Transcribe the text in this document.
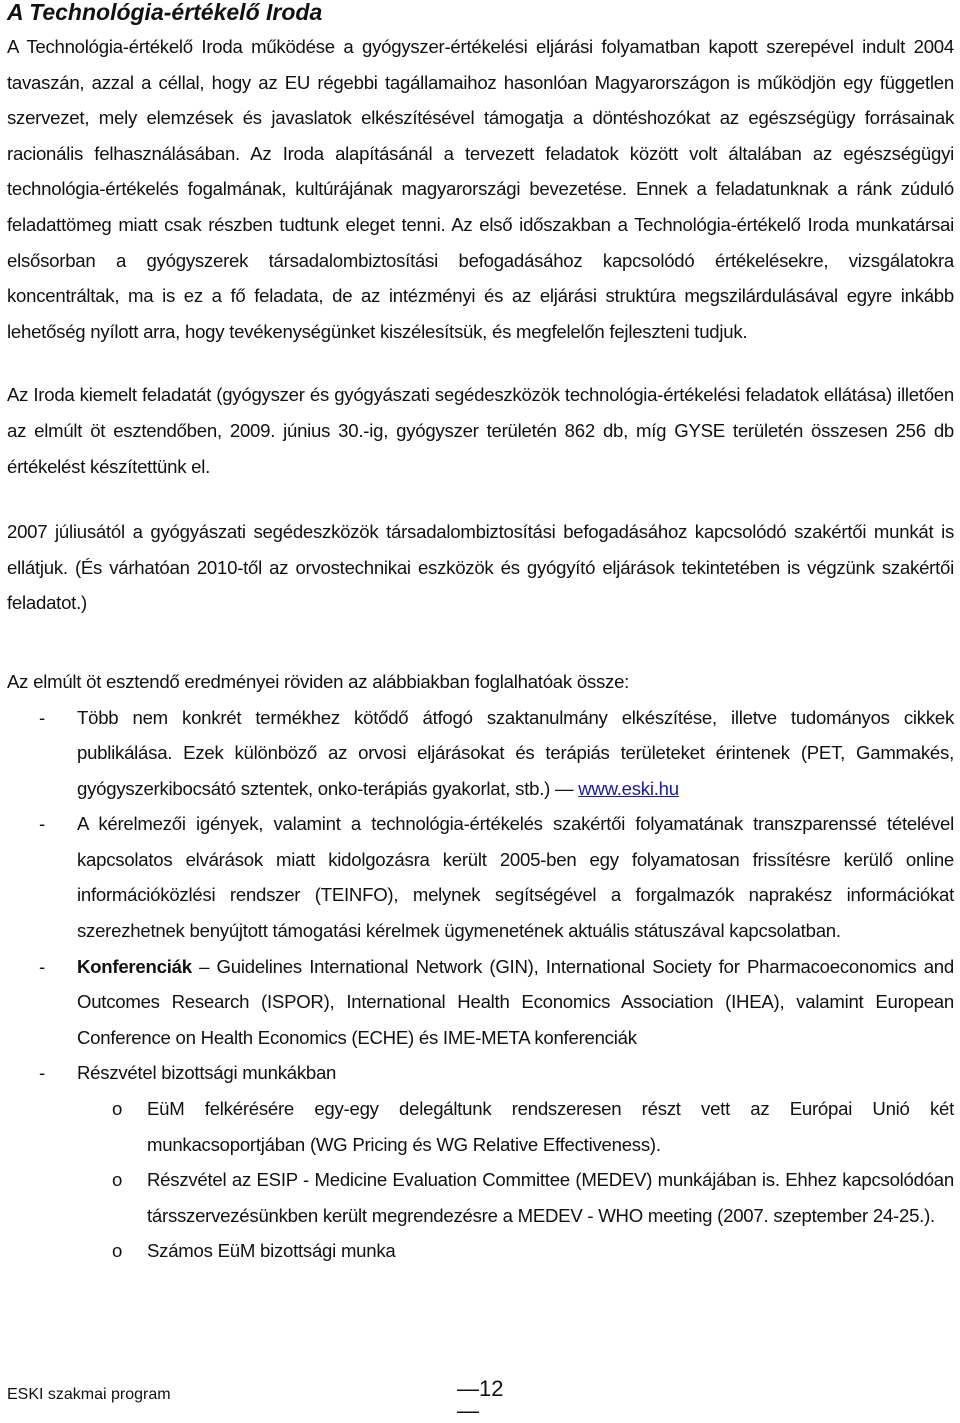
A Technológia-értékelő Iroda

A Technológia-értékelő Iroda működése a gyógyszer-értékelési eljárási folyamatban kapott szerepével indult 2004 tavaszán, azzal a céllal, hogy az EU régebbi tagállamaihoz hasonlóan Magyarországon is működjön egy független szervezet, mely elemzések és javaslatok elkészítésével támogatja a döntéshozókat az egészségügy forrásainak racionális felhasználásában. Az Iroda alapításánál a tervezett feladatok között volt általában az egészségügyi technológia-értékelés fogalmának, kultúrájának magyarországi bevezetése. Ennek a feladatunknak a ránk zúduló feladattömeg miatt csak részben tudtunk eleget tenni. Az első időszakban a Technológia-értékelő Iroda munkatársai elsősorban a gyógyszerek társadalombiztosítási befogadásához kapcsolódó értékelésekre, vizsgálatokra koncentráltak, ma is ez a fő feladata, de az intézményi és az eljárási struktúra megszilárdulásával egyre inkább lehetőség nyílott arra, hogy tevékenységünket kiszélesítsük, és megfelelőn fejleszteni tudjuk.

Az Iroda kiemelt feladatát (gyógyszer és gyógyászati segédeszközök technológia-értékelési feladatok ellátása) illetően az elmúlt öt esztendőben, 2009. június 30.-ig, gyógyszer területén 862 db, míg GYSE területén összesen 256 db értékelést készítettünk el.

2007 júliusától a gyógyászati segédeszközök társadalombiztosítási befogadásához kapcsolódó szakértői munkát is ellátjuk. (És várhatóan 2010-től az orvostechnikai eszközök és gyógyító eljárások tekintetében is végzünk szakértői feladatot.)

Az elmúlt öt esztendő eredményei röviden az alábbiakban foglalhatóak össze:

- Több nem konkrét termékhez kötődő átfogó szaktanulmány elkészítése, illetve tudományos cikkek publikálása. Ezek különböző az orvosi eljárásokat és terápiás területeket érintenek (PET, Gammakés, gyógyszerkibocsátó sztentek, onko-terápiás gyakorlat, stb.) — www.eski.hu
- A kérelmezői igények, valamint a technológia-értékelés szakértői folyamatának transzparenssé tételével kapcsolatos elvárások miatt kidolgozásra került 2005-ben egy folyamatosan frissítésre kerülő online információközlési rendszer (TEINFO), melynek segítségével a forgalmazók naprakész információkat szerezhetnek benyújtott támogatási kérelmek ügymenetének aktuális státuszával kapcsolatban.
- Konferenciák – Guidelines International Network (GIN), International Society for Pharmacoeconomics and Outcomes Research (ISPOR), International Health Economics Association (IHEA), valamint European Conference on Health Economics (ECHE) és IME-META konferenciák
- Részvétel bizottsági munkákban
o EüM felkérésére egy-egy delegáltunk rendszeresen részt vett az Európai Unió két munkacsoportjában (WG Pricing és WG Relative Effectiveness).
o Részvétel az ESIP - Medicine Evaluation Committee (MEDEV) munkájában is. Ehhez kapcsolódóan társszervezésünkben került megrendezésre a MEDEV - WHO meeting (2007. szeptember 24-25.).
o Számos EüM bizottsági munka
ESKI szakmai program	—12—
